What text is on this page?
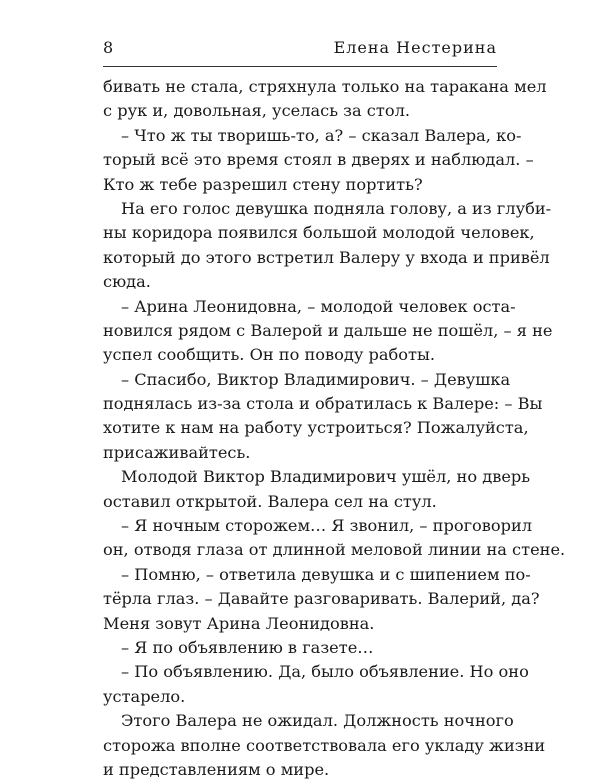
8	Елена Нестерина
бивать не стала, стряхнула только на таракана мел
с рук и, довольная, уселась за стол.
– Что ж ты творишь-то, а? – сказал Валера, ко-
торый всё это время стоял в дверях и наблюдал. –
Кто ж тебе разрешил стену портить?
На его голос девушка подняла голову, а из глуби-
ны коридора появился большой молодой человек,
который до этого встретил Валеру у входа и привёл
сюда.
– Арина Леонидовна, – молодой человек оста-
новился рядом с Валерой и дальше не пошёл, – я не
успел сообщить. Он по поводу работы.
– Спасибо, Виктор Владимирович. – Девушка
поднялась из-за стола и обратилась к Валере: – Вы
хотите к нам на работу устроиться? Пожалуйста,
присаживайтесь.
Молодой Виктор Владимирович ушёл, но дверь
оставил открытой. Валера сел на стул.
– Я ночным сторожем… Я звонил, – проговорил
он, отводя глаза от длинной меловой линии на стене.
– Помню, – ответила девушка и с шипением по-
тёрла глаз. – Давайте разговаривать. Валерий, да?
Меня зовут Арина Леонидовна.
– Я по объявлению в газете…
– По объявлению. Да, было объявление. Но оно
устарело.
Этого Валера не ожидал. Должность ночного
сторожа вполне соответствовала его укладу жизни
и представлениям о мире.
